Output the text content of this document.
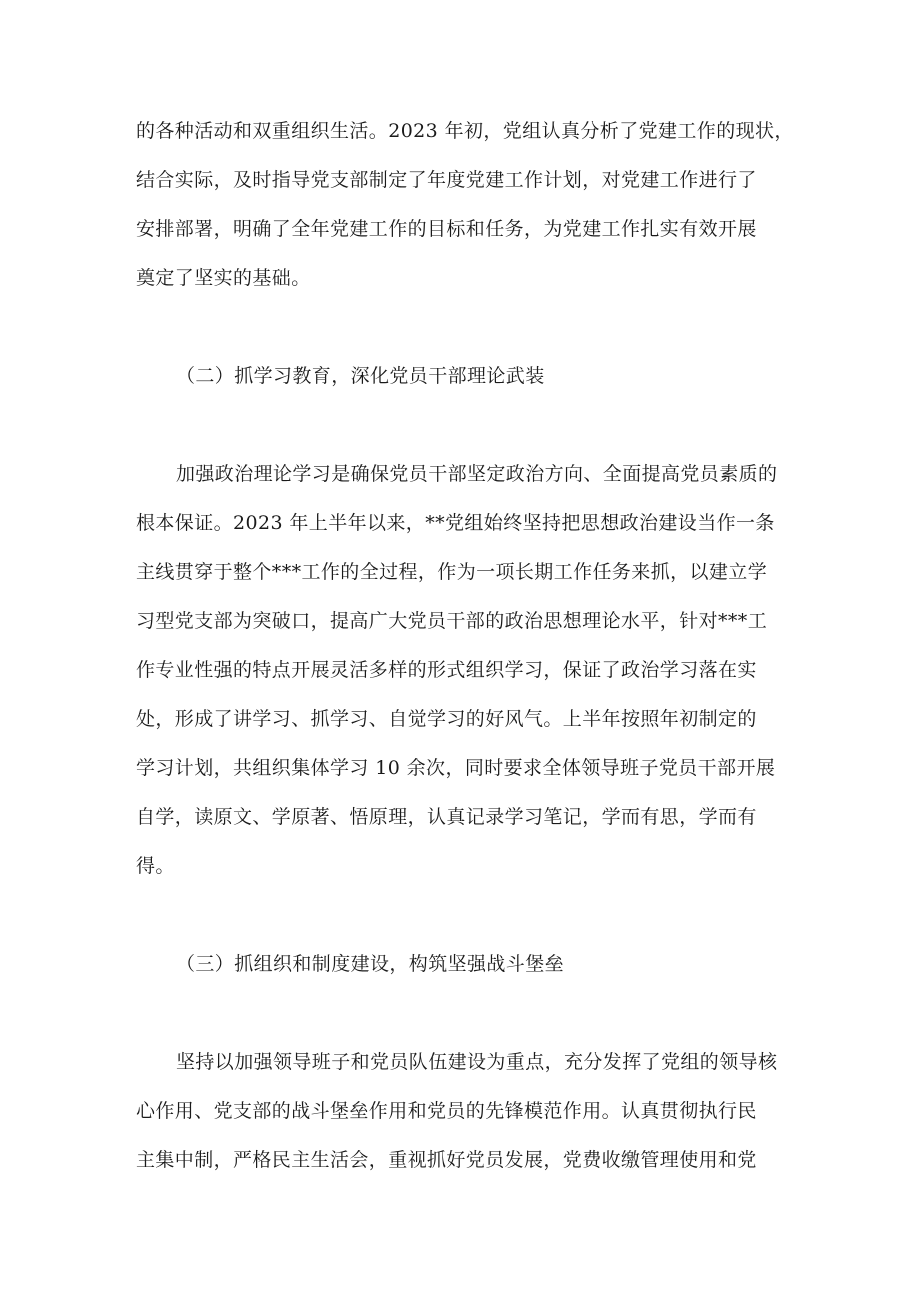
的各种活动和双重组织生活。2023 年初，党组认真分析了党建工作的现状，
结合实际，及时指导党支部制定了年度党建工作计划，对党建工作进行了
安排部署，明确了全年党建工作的目标和任务，为党建工作扎实有效开展
奠定了坚实的基础。
（二）抓学习教育，深化党员干部理论武装
加强政治理论学习是确保党员干部坚定政治方向、全面提高党员素质的
根本保证。2023 年上半年以来，**党组始终坚持把思想政治建设当作一条
主线贯穿于整个***工作的全过程，作为一项长期工作任务来抓，以建立学
习型党支部为突破口，提高广大党员干部的政治思想理论水平，针对***工
作专业性强的特点开展灵活多样的形式组织学习，保证了政治学习落在实
处，形成了讲学习、抓学习、自觉学习的好风气。上半年按照年初制定的
学习计划，共组织集体学习 10 余次，同时要求全体领导班子党员干部开展
自学，读原文、学原著、悟原理，认真记录学习笔记，学而有思，学而有
得。
（三）抓组织和制度建设，构筑坚强战斗堡垒
坚持以加强领导班子和党员队伍建设为重点，充分发挥了党组的领导核
心作用、党支部的战斗堡垒作用和党员的先锋模范作用。认真贯彻执行民
主集中制，严格民主生活会，重视抓好党员发展，党费收缴管理使用和党
